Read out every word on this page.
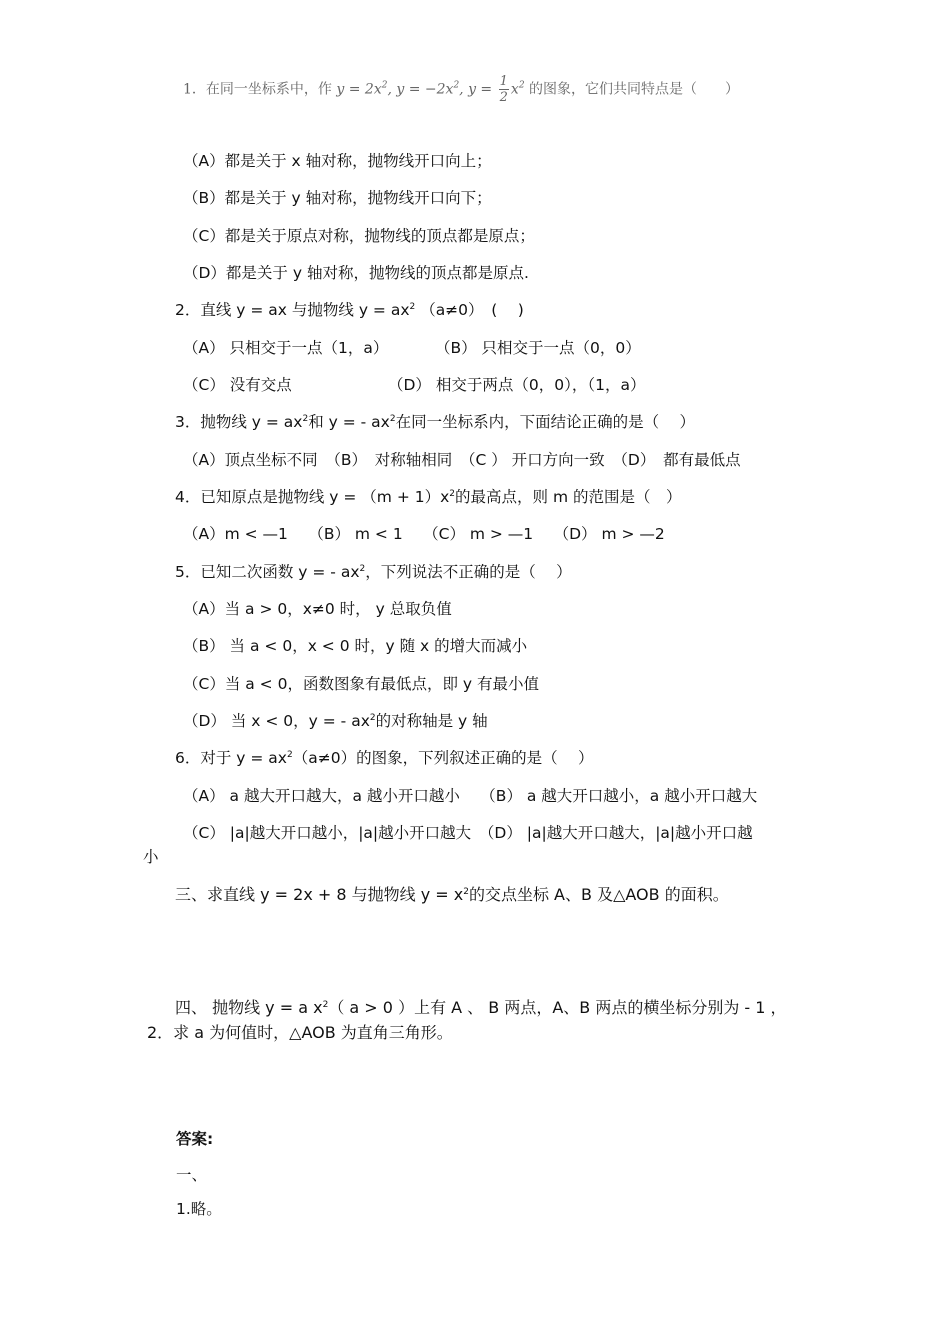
1．在同一坐标系中，作 $y = 2x^2$, $y = -2x^2$, $y = \frac{1}{2} x^2$ 的图象，它们共同特点是（　　）
（A）都是关于 x 轴对称，抛物线开口向上；
（B）都是关于 y 轴对称，抛物线开口向下；
（C）都是关于原点对称，抛物线的顶点都是原点；
（D）都是关于 y 轴对称，抛物线的顶点都是原点.
2．直线 y = ax 与抛物线 $y = ax^2$ （a≠0）　(　 )
（A） 只相交于一点（1，a）	（B） 只相交于一点（0，0）
（C） 没有交点	（D） 相交于两点（0，0），（1，a）
3．抛物线 $y = ax^2$和 y = - $ax^2$在同一坐标系内，下面结论正确的是（　 ）
（A）顶点坐标不同　（B）　对称轴相同　（C ） 开口方向一致　（D）　都有最低点
4．已知原点是抛物线 $y = (m + 1)x^2$的最高点，则 m 的范围是（　）
（A）m < —1　 （B） m < 1　 （C） m > —1　 （D） m > —2
5．已知二次函数 y = - $ax^2$，下列说法不正确的是（　 ）
（A）当 a > 0，x≠0 时， y 总取负值
（B） 当 a < 0，x < 0 时，y 随 x 的增大而减小
（C）当 a < 0，函数图象有最低点，即 y 有最小值
（D） 当 x < 0，y = - $ax^2$的对称轴是 y 轴
6．对于 $y = ax^2(a\ne 0)$的图象，下列叙述正确的是（　 ）
（A） a 越大开口越大，a 越小开口越小　 （B） a 越大开口越小，a 越小开口越大
（C） |a|越大开口越小，|a|越小开口越大　（D） |a|越大开口越大，|a|越小开口越
小
三、求直线 y = 2x + 8 与抛物线 $y = x^2$的交点坐标 A、B 及△AOB 的面积。
四、 抛物线 y = a $x^2$（ a > 0 ）上有 A 、 B 两点，A、B 两点的横坐标分别为 - 1 ，
2．求 a 为何值时，△AOB 为直角三角形。
答案:
一、
1.略。
